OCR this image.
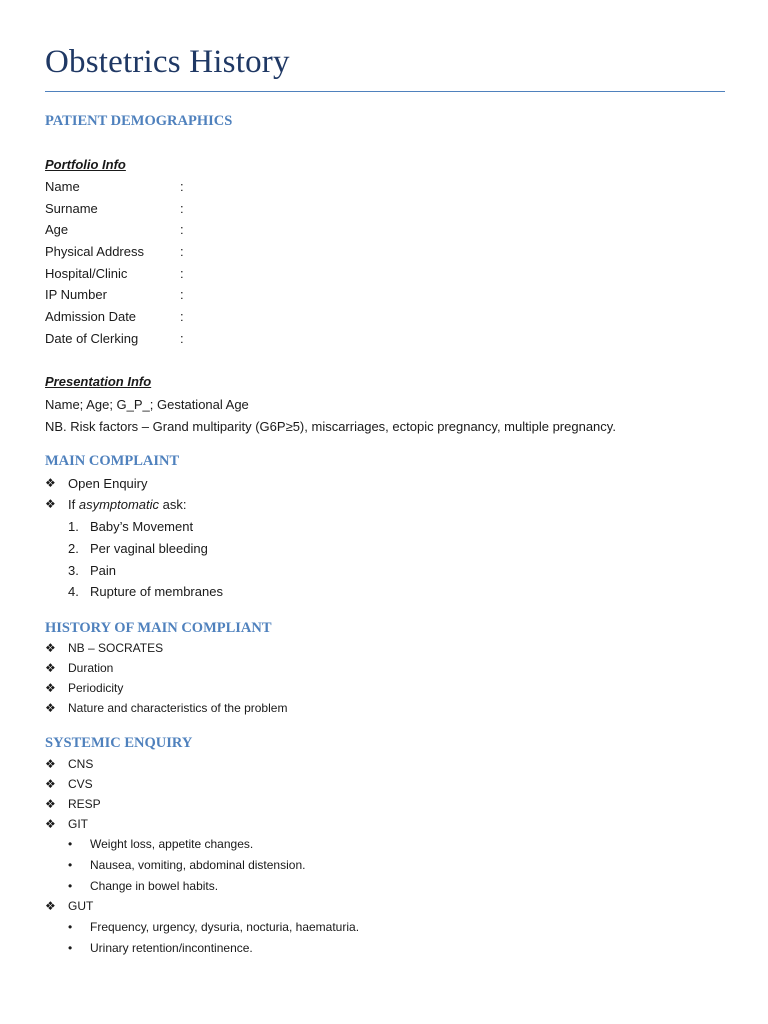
Obstetrics History
PATIENT DEMOGRAPHICS
Portfolio Info
Name	:
Surname	:
Age	:
Physical Address	:
Hospital/Clinic	:
IP Number	:
Admission Date	:
Date of Clerking	:
Presentation Info
Name; Age; G_P_; Gestational Age
NB. Risk factors – Grand multiparity (G6P≥5), miscarriages, ectopic pregnancy, multiple pregnancy.
MAIN COMPLAINT
❖ Open Enquiry
❖ If asymptomatic ask:
1. Baby’s Movement
2. Per vaginal bleeding
3. Pain
4. Rupture of membranes
HISTORY OF MAIN COMPLIANT
❖ NB – SOCRATES
❖ Duration
❖ Periodicity
❖ Nature and characteristics of the problem
SYSTEMIC ENQUIRY
❖ CNS
❖ CVS
❖ RESP
❖ GIT
• Weight loss, appetite changes.
• Nausea, vomiting, abdominal distension.
• Change in bowel habits.
❖ GUT
• Frequency, urgency, dysuria, nocturia, haematuria.
• Urinary retention/incontinence.
